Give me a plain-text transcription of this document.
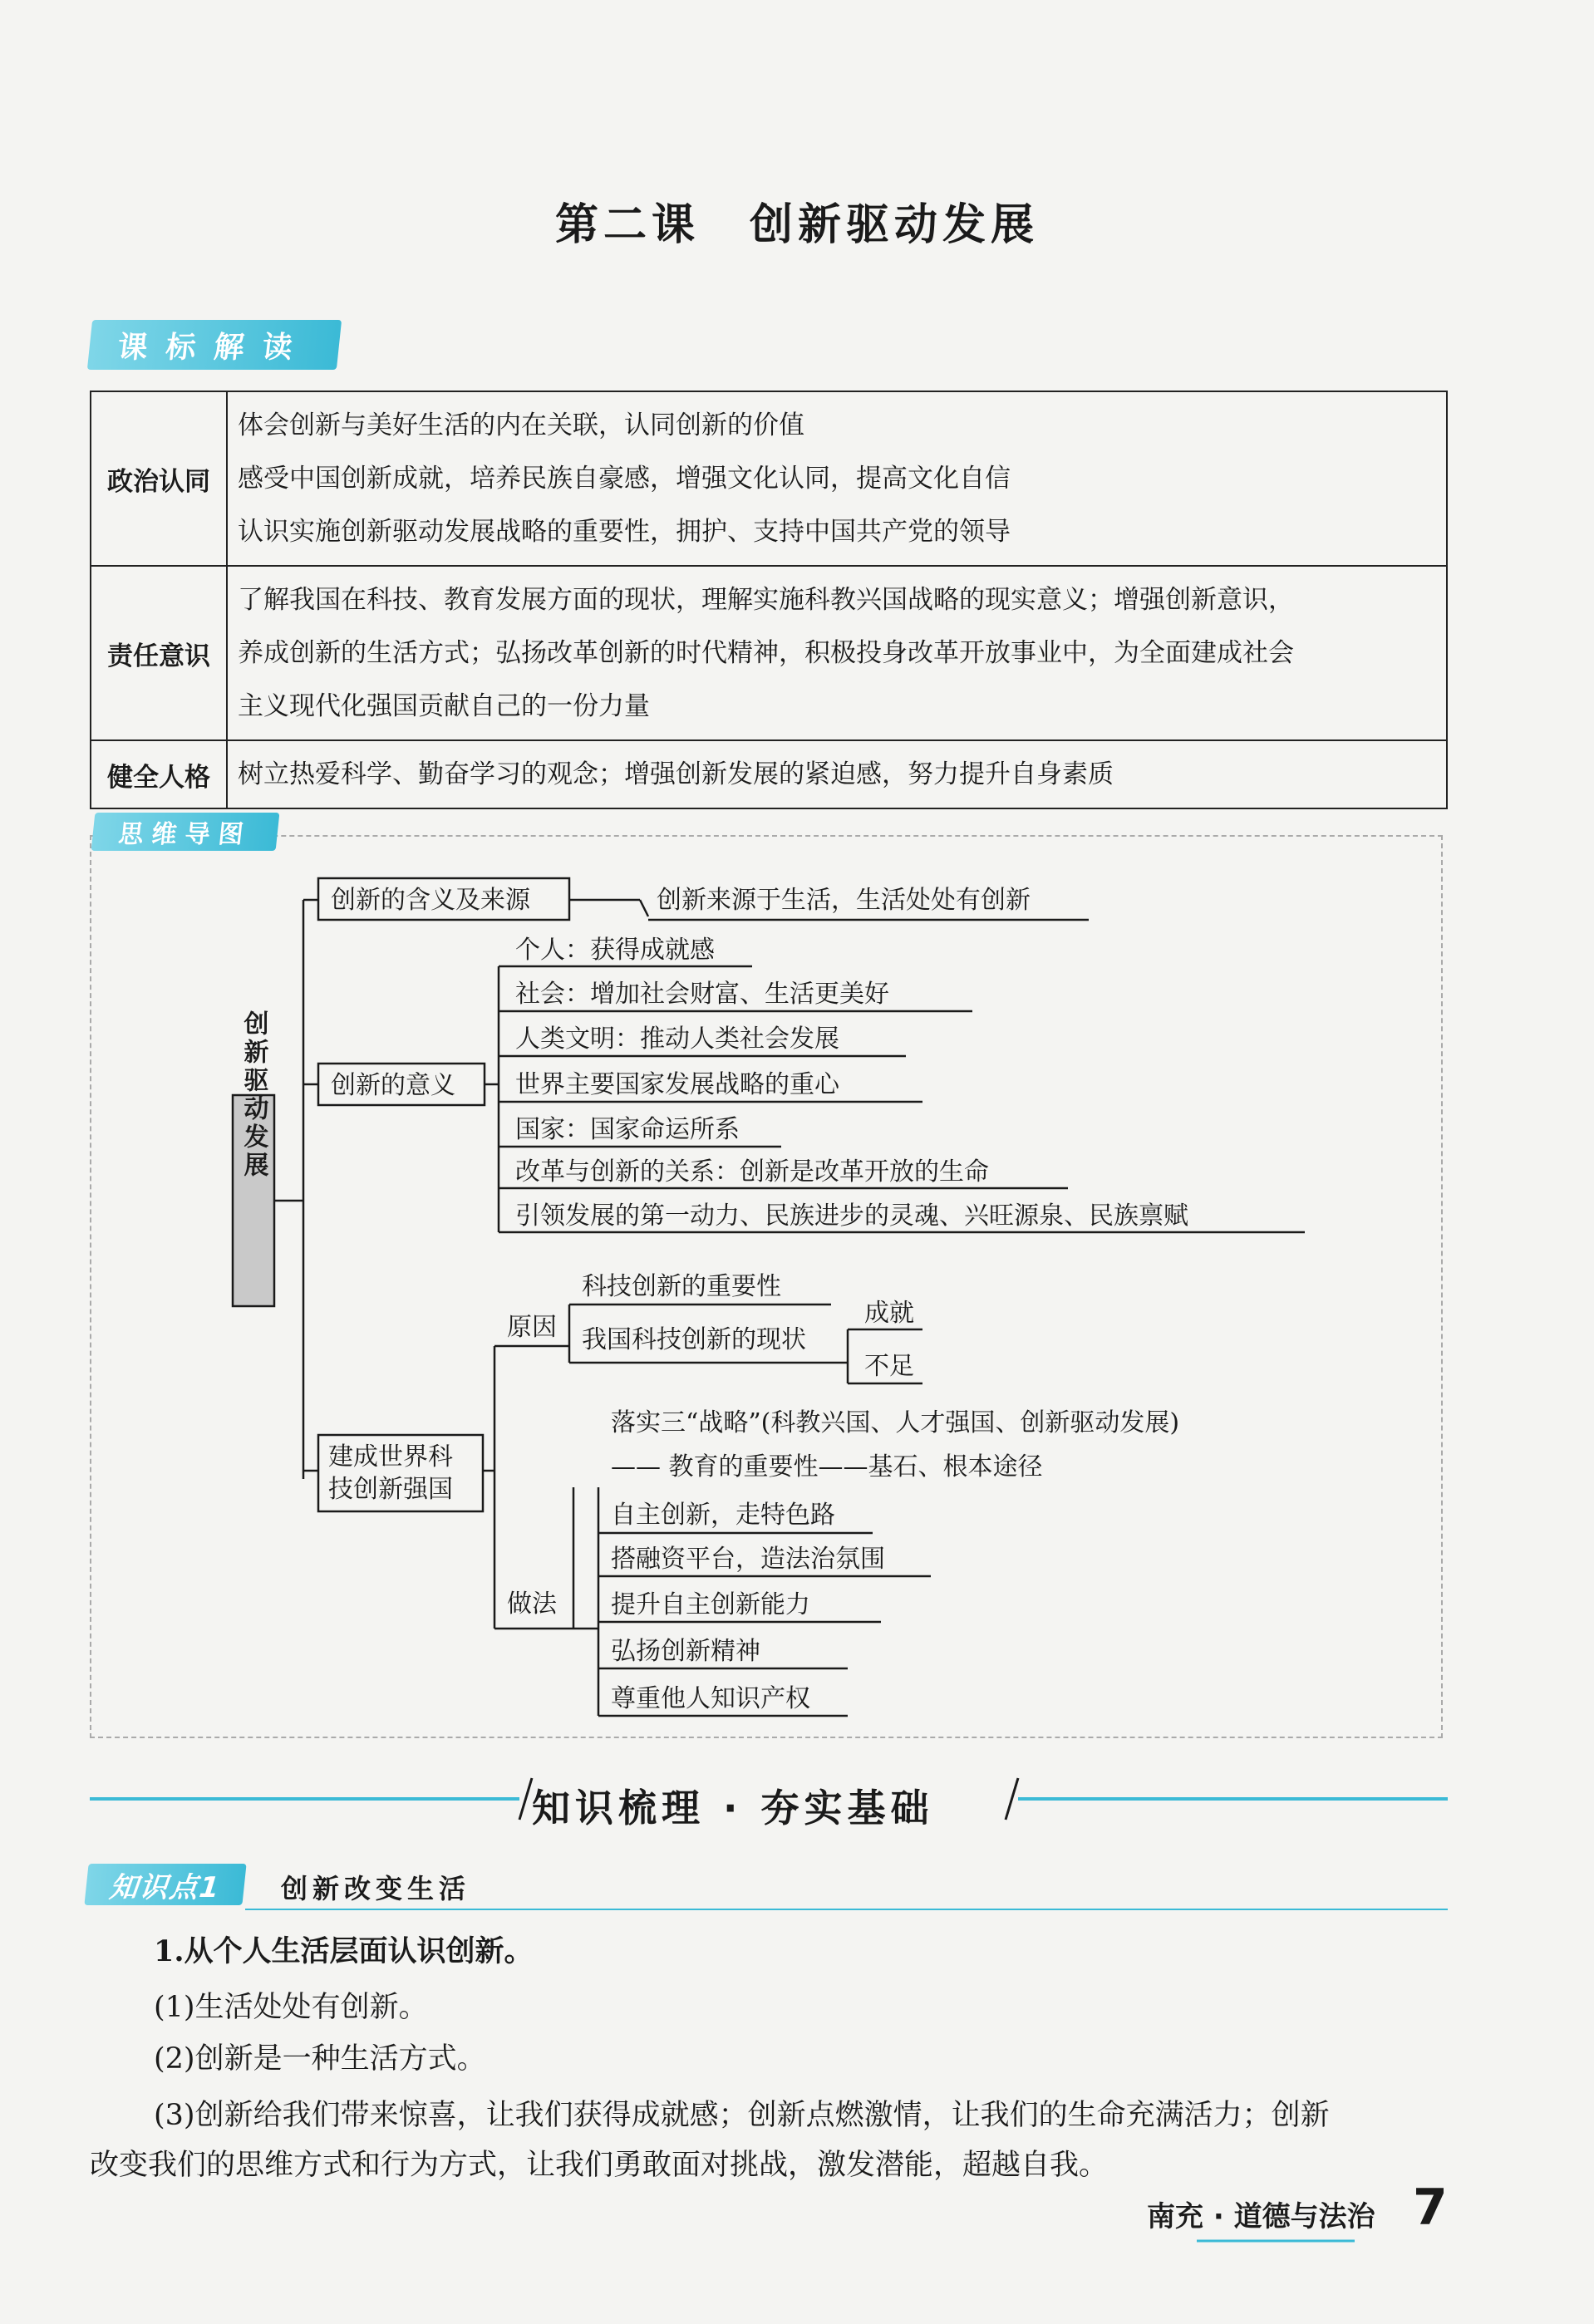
第二课 创新驱动发展
课标解读
政治认同	体会创新与美好生活的内在关联，认同创新的价值
感受中国创新成就，培养民族自豪感，增强文化认同，提高文化自信
认识实施创新驱动发展战略的重要性，拥护、支持中国共产党的领导

责任意识	了解我国在科技、教育发展方面的现状，理解实施科教兴国战略的现实意义；增强创新意识，
养成创新的生活方式；弘扬改革创新的时代精神，积极投身改革开放事业中，为全面建成社会
主义现代化强国贡献自己的一份力量

健全人格	树立热爱科学、勤奋学习的观念；增强创新发展的紧迫感，努力提升自身素质
思维导图
创新驱动发展
创新的含义及来源	创新来源于生活，生活处处有创新
创新的意义
个人：获得成就感
社会：增加社会财富、生活更美好
人类文明：推动人类社会发展
世界主要国家发展战略的重心
国家：国家命运所系
改革与创新的关系：创新是改革开放的生命
引领发展的第一动力、民族进步的灵魂、兴旺源泉、民族禀赋
建成世界科
技创新强国
原因
科技创新的重要性
我国科技创新的现状
成就
不足
做法
落实三“战略”(科教兴国、人才强国、创新驱动发展)
—— 教育的重要性——基石、根本途径
自主创新，走特色路
搭融资平台，造法治氛围
提升自主创新能力
弘扬创新精神
尊重他人知识产权
知识梳理 · 夯实基础
知识点1	创新改变生活
1.从个人生活层面认识创新。
(1)生活处处有创新。
(2)创新是一种生活方式。
(3)创新给我们带来惊喜，让我们获得成就感；创新点燃激情，让我们的生命充满活力；创新
改变我们的思维方式和行为方式，让我们勇敢面对挑战，激发潜能，超越自我。
南充 · 道德与法治 7
